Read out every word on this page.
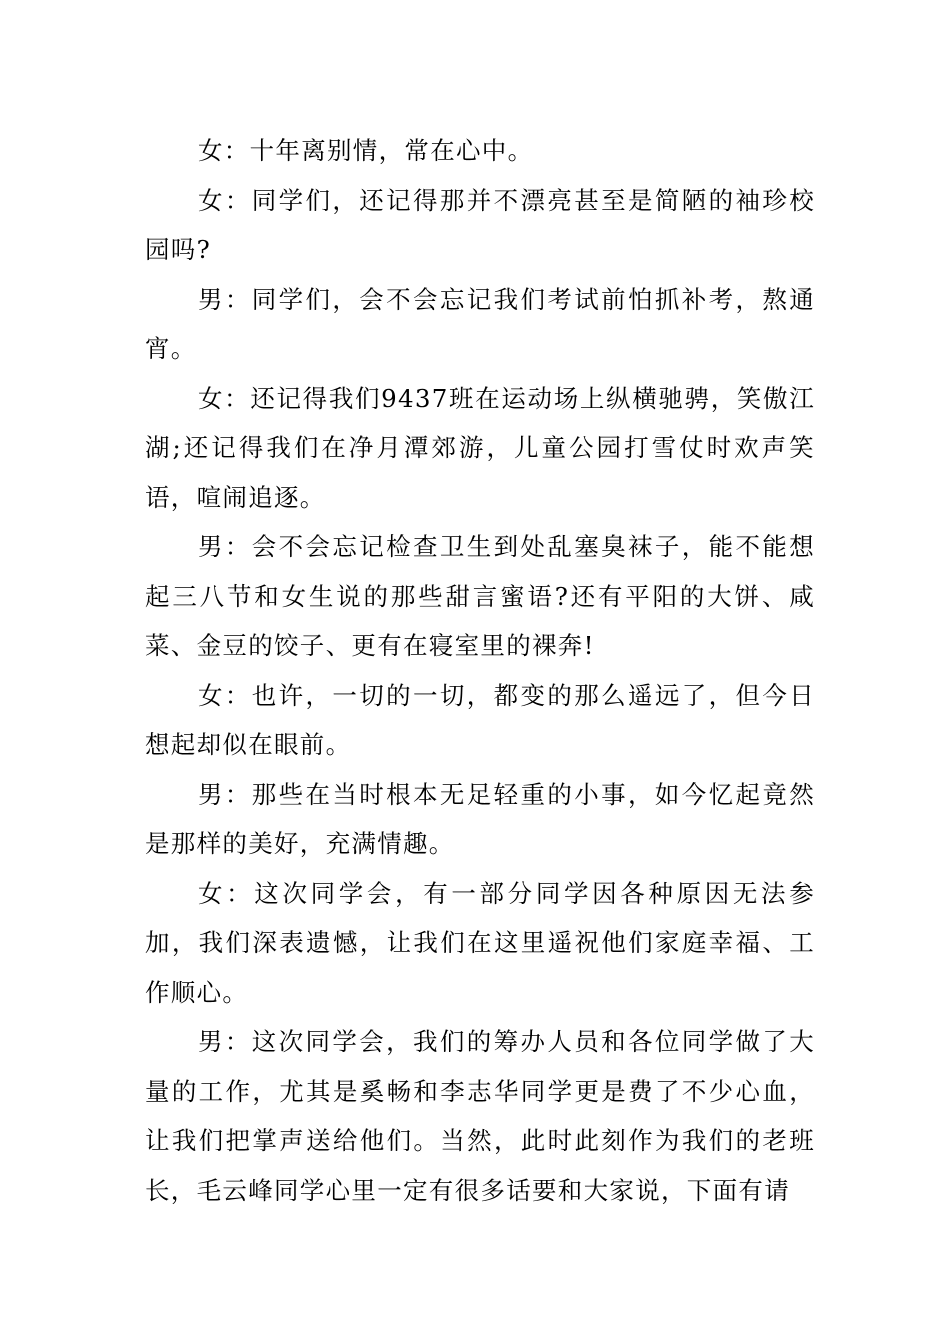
女：十年离别情，常在心中。

女：同学们，还记得那并不漂亮甚至是简陋的袖珍校园吗?

男：同学们，会不会忘记我们考试前怕抓补考，熬通宵。

女：还记得我们9437班在运动场上纵横驰骋，笑傲江湖;还记得我们在净月潭郊游，儿童公园打雪仗时欢声笑语，喧闹追逐。

男：会不会忘记检查卫生到处乱塞臭袜子，能不能想起三八节和女生说的那些甜言蜜语?还有平阳的大饼、咸菜、金豆的饺子、更有在寝室里的裸奔!

女：也许，一切的一切，都变的那么遥远了，但今日想起却似在眼前。

男：那些在当时根本无足轻重的小事，如今忆起竟然是那样的美好，充满情趣。

女：这次同学会，有一部分同学因各种原因无法参加，我们深表遗憾，让我们在这里遥祝他们家庭幸福、工作顺心。

男：这次同学会，我们的筹办人员和各位同学做了大量的工作，尤其是奚畅和李志华同学更是费了不少心血，让我们把掌声送给他们。当然，此时此刻作为我们的老班长，毛云峰同学心里一定有很多话要和大家说，下面有请
